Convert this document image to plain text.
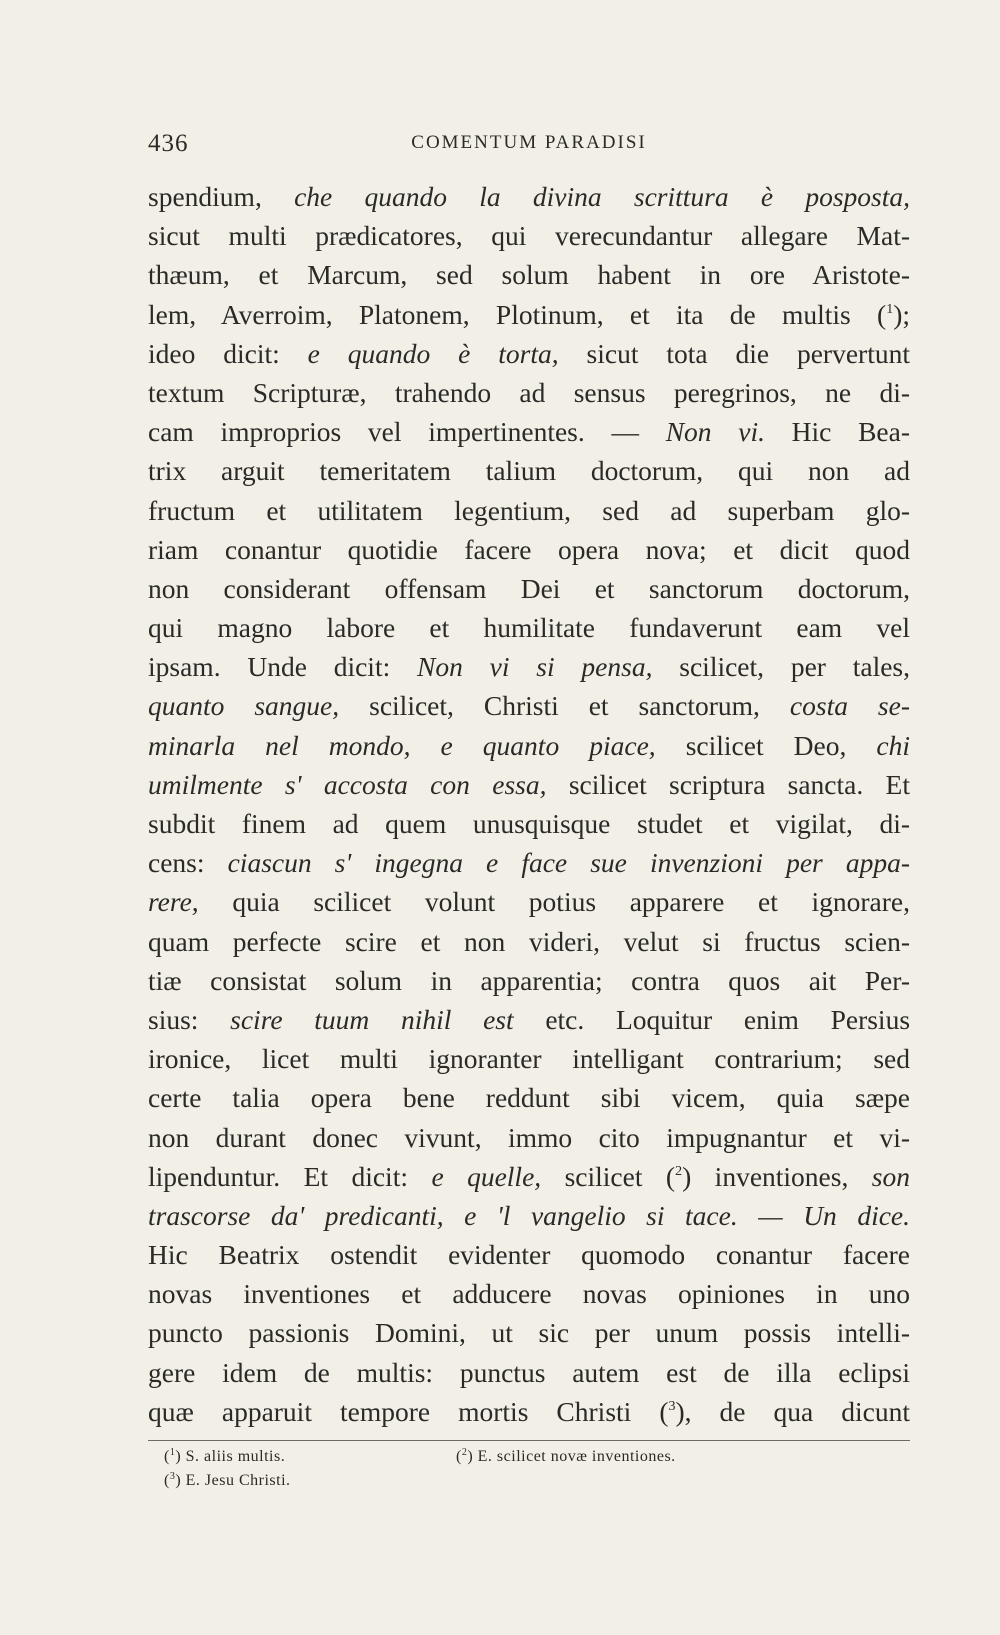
436	COMENTUM PARADISI
spendium, che quando la divina scrittura è posposta,
sicut multi prædicatores, qui verecundantur allegare Mat-
thæum, et Marcum, sed solum habent in ore Aristote-
lem, Averroim, Platonem, Plotinum, et ita de multis ($^1$);
ideo dicit: e quando è torta, sicut tota die pervertunt
textum Scripturæ, trahendo ad sensus peregrinos, ne di-
cam improprios vel impertinentes. — Non vi. Hic Bea-
trix arguit temeritatem talium doctorum, qui non ad
fructum et utilitatem legentium, sed ad superbam glo-
riam conantur quotidie facere opera nova; et dicit quod
non considerant offensam Dei et sanctorum doctorum,
qui magno labore et humilitate fundaverunt eam vel
ipsam. Unde dicit: Non vi si pensa, scilicet, per tales,
quanto sangue, scilicet, Christi et sanctorum, costa se-
minarla nel mondo, e quanto piace, scilicet Deo, chi
umilmente s' accosta con essa, scilicet scriptura sancta. Et
subdit finem ad quem unusquisque studet et vigilat, di-
cens: ciascun s' ingegna e face sue invenzioni per appa-
rere, quia scilicet volunt potius apparere et ignorare,
quam perfecte scire et non videri, velut si fructus scien-
tiæ consistat solum in apparentia; contra quos ait Per-
sius: scire tuum nihil est etc. Loquitur enim Persius
ironice, licet multi ignoranter intelligant contrarium; sed
certe talia opera bene reddunt sibi vicem, quia sæpe
non durant donec vivunt, immo cito impugnantur et vi-
lipenduntur. Et dicit: e quelle, scilicet ($^2$) inventiones, son
trascorse da' predicanti, e 'l vangelio si tace. — Un dice.
Hic Beatrix ostendit evidenter quomodo conantur facere
novas inventiones et adducere novas opiniones in uno
puncto passionis Domini, ut sic per unum possis intelli-
gere idem de multis: punctus autem est de illa eclipsi
quæ apparuit tempore mortis Christi ($^3$), de qua dicunt
($^1$) S. aliis multis.	($^2$) E. scilicet novæ inventiones.
($^3$) E. Jesu Christi.
